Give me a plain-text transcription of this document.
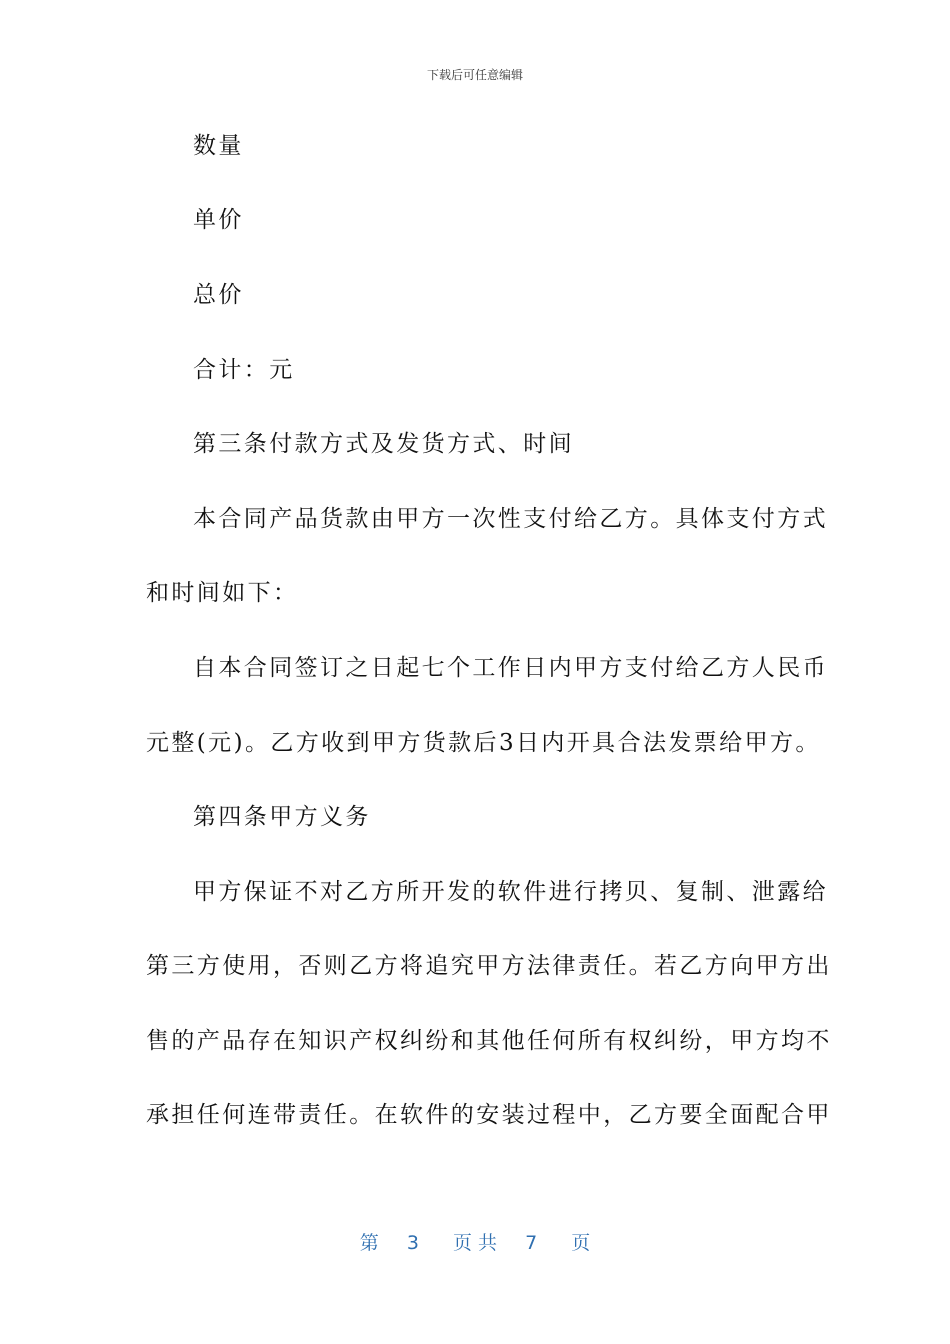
下载后可任意编辑
数量
单价
总价
合计：元
第三条付款方式及发货方式、时间
本合同产品货款由甲方一次性支付给乙方。具体支付方式
和时间如下：
自本合同签订之日起七个工作日内甲方支付给乙方人民币
元整(元)。乙方收到甲方货款后3日内开具合法发票给甲方。
第四条甲方义务
甲方保证不对乙方所开发的软件进行拷贝、复制、泄露给
第三方使用，否则乙方将追究甲方法律责任。若乙方向甲方出
售的产品存在知识产权纠纷和其他任何所有权纠纷，甲方均不
承担任何连带责任。在软件的安装过程中，乙方要全面配合甲
第 3 页 共 7 页
